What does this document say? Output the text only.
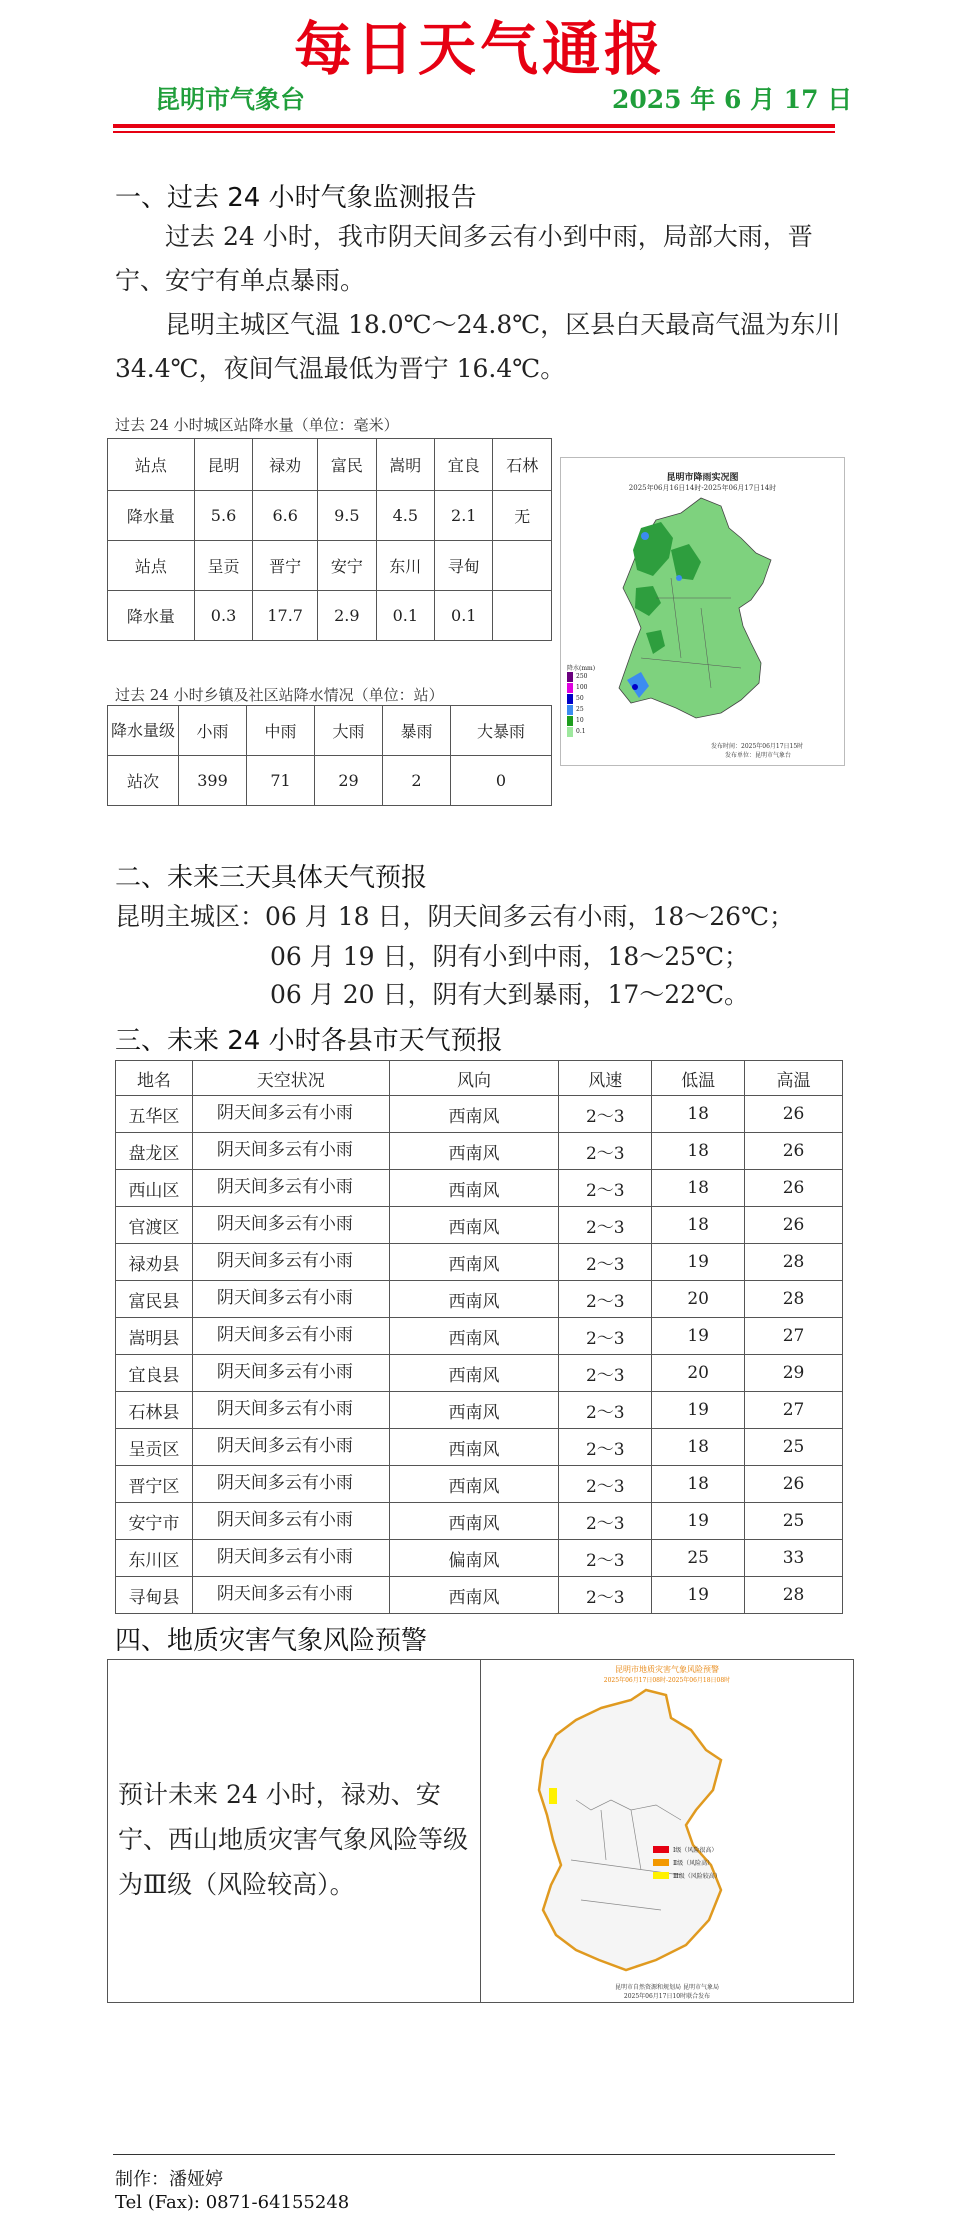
每日天气通报
昆明市气象台	2025 年 6 月 17 日
一、过去 24 小时气象监测报告
过去 24 小时，我市阴天间多云有小到中雨，局部大雨，晋宁、安宁有单点暴雨。
昆明主城区气温 18.0℃～24.8℃，区县白天最高气温为东川 34.4℃，夜间气温最低为晋宁 16.4℃。
过去 24 小时城区站降水量（单位：毫米）
站点	昆明	禄劝	富民	嵩明	宜良	石林
降水量	5.6	6.6	9.5	4.5	2.1	无
站点	呈贡	晋宁	安宁	东川	寻甸	
降水量	0.3	17.7	2.9	0.1	0.1	
过去 24 小时乡镇及社区站降水情况（单位：站）
降水量级	小雨	中雨	大雨	暴雨	大暴雨
站次	399	71	29	2	0
昆明市降雨实况图
2025年06月16日14时-2025年06月17日14时
降水(mm)
250
100
50
25
10
0.1
发布时间：2025年06月17日15时
发布单位：昆明市气象台
二、未来三天具体天气预报
昆明主城区：06 月 18 日，阴天间多云有小雨，18～26℃；
06 月 19 日，阴有小到中雨，18～25℃；
06 月 20 日，阴有大到暴雨，17～22℃。
三、未来 24 小时各县市天气预报
地名	天空状况	风向	风速	低温	高温
五华区	阴天间多云有小雨	西南风	2～3	18	26
盘龙区	阴天间多云有小雨	西南风	2～3	18	26
西山区	阴天间多云有小雨	西南风	2～3	18	26
官渡区	阴天间多云有小雨	西南风	2～3	18	26
禄劝县	阴天间多云有小雨	西南风	2～3	19	28
富民县	阴天间多云有小雨	西南风	2～3	20	28
嵩明县	阴天间多云有小雨	西南风	2～3	19	27
宜良县	阴天间多云有小雨	西南风	2～3	20	29
石林县	阴天间多云有小雨	西南风	2～3	19	27
呈贡区	阴天间多云有小雨	西南风	2～3	18	25
晋宁区	阴天间多云有小雨	西南风	2～3	18	26
安宁市	阴天间多云有小雨	西南风	2～3	19	25
东川区	阴天间多云有小雨	偏南风	2～3	25	33
寻甸县	阴天间多云有小雨	西南风	2～3	19	28
四、地质灾害气象风险预警
预计未来 24 小时，禄劝、安宁、西山地质灾害气象风险等级为Ⅲ级（风险较高）。
昆明市地质灾害气象风险预警
2025年06月17日08时-2025年06月18日08时
Ⅰ级（风险很高）
Ⅱ级（风险高）
Ⅲ级（风险较高）
昆明市自然资源和规划局 昆明市气象局
2025年06月17日10时联合发布
制作：潘娅婷
Tel (Fax): 0871-64155248
